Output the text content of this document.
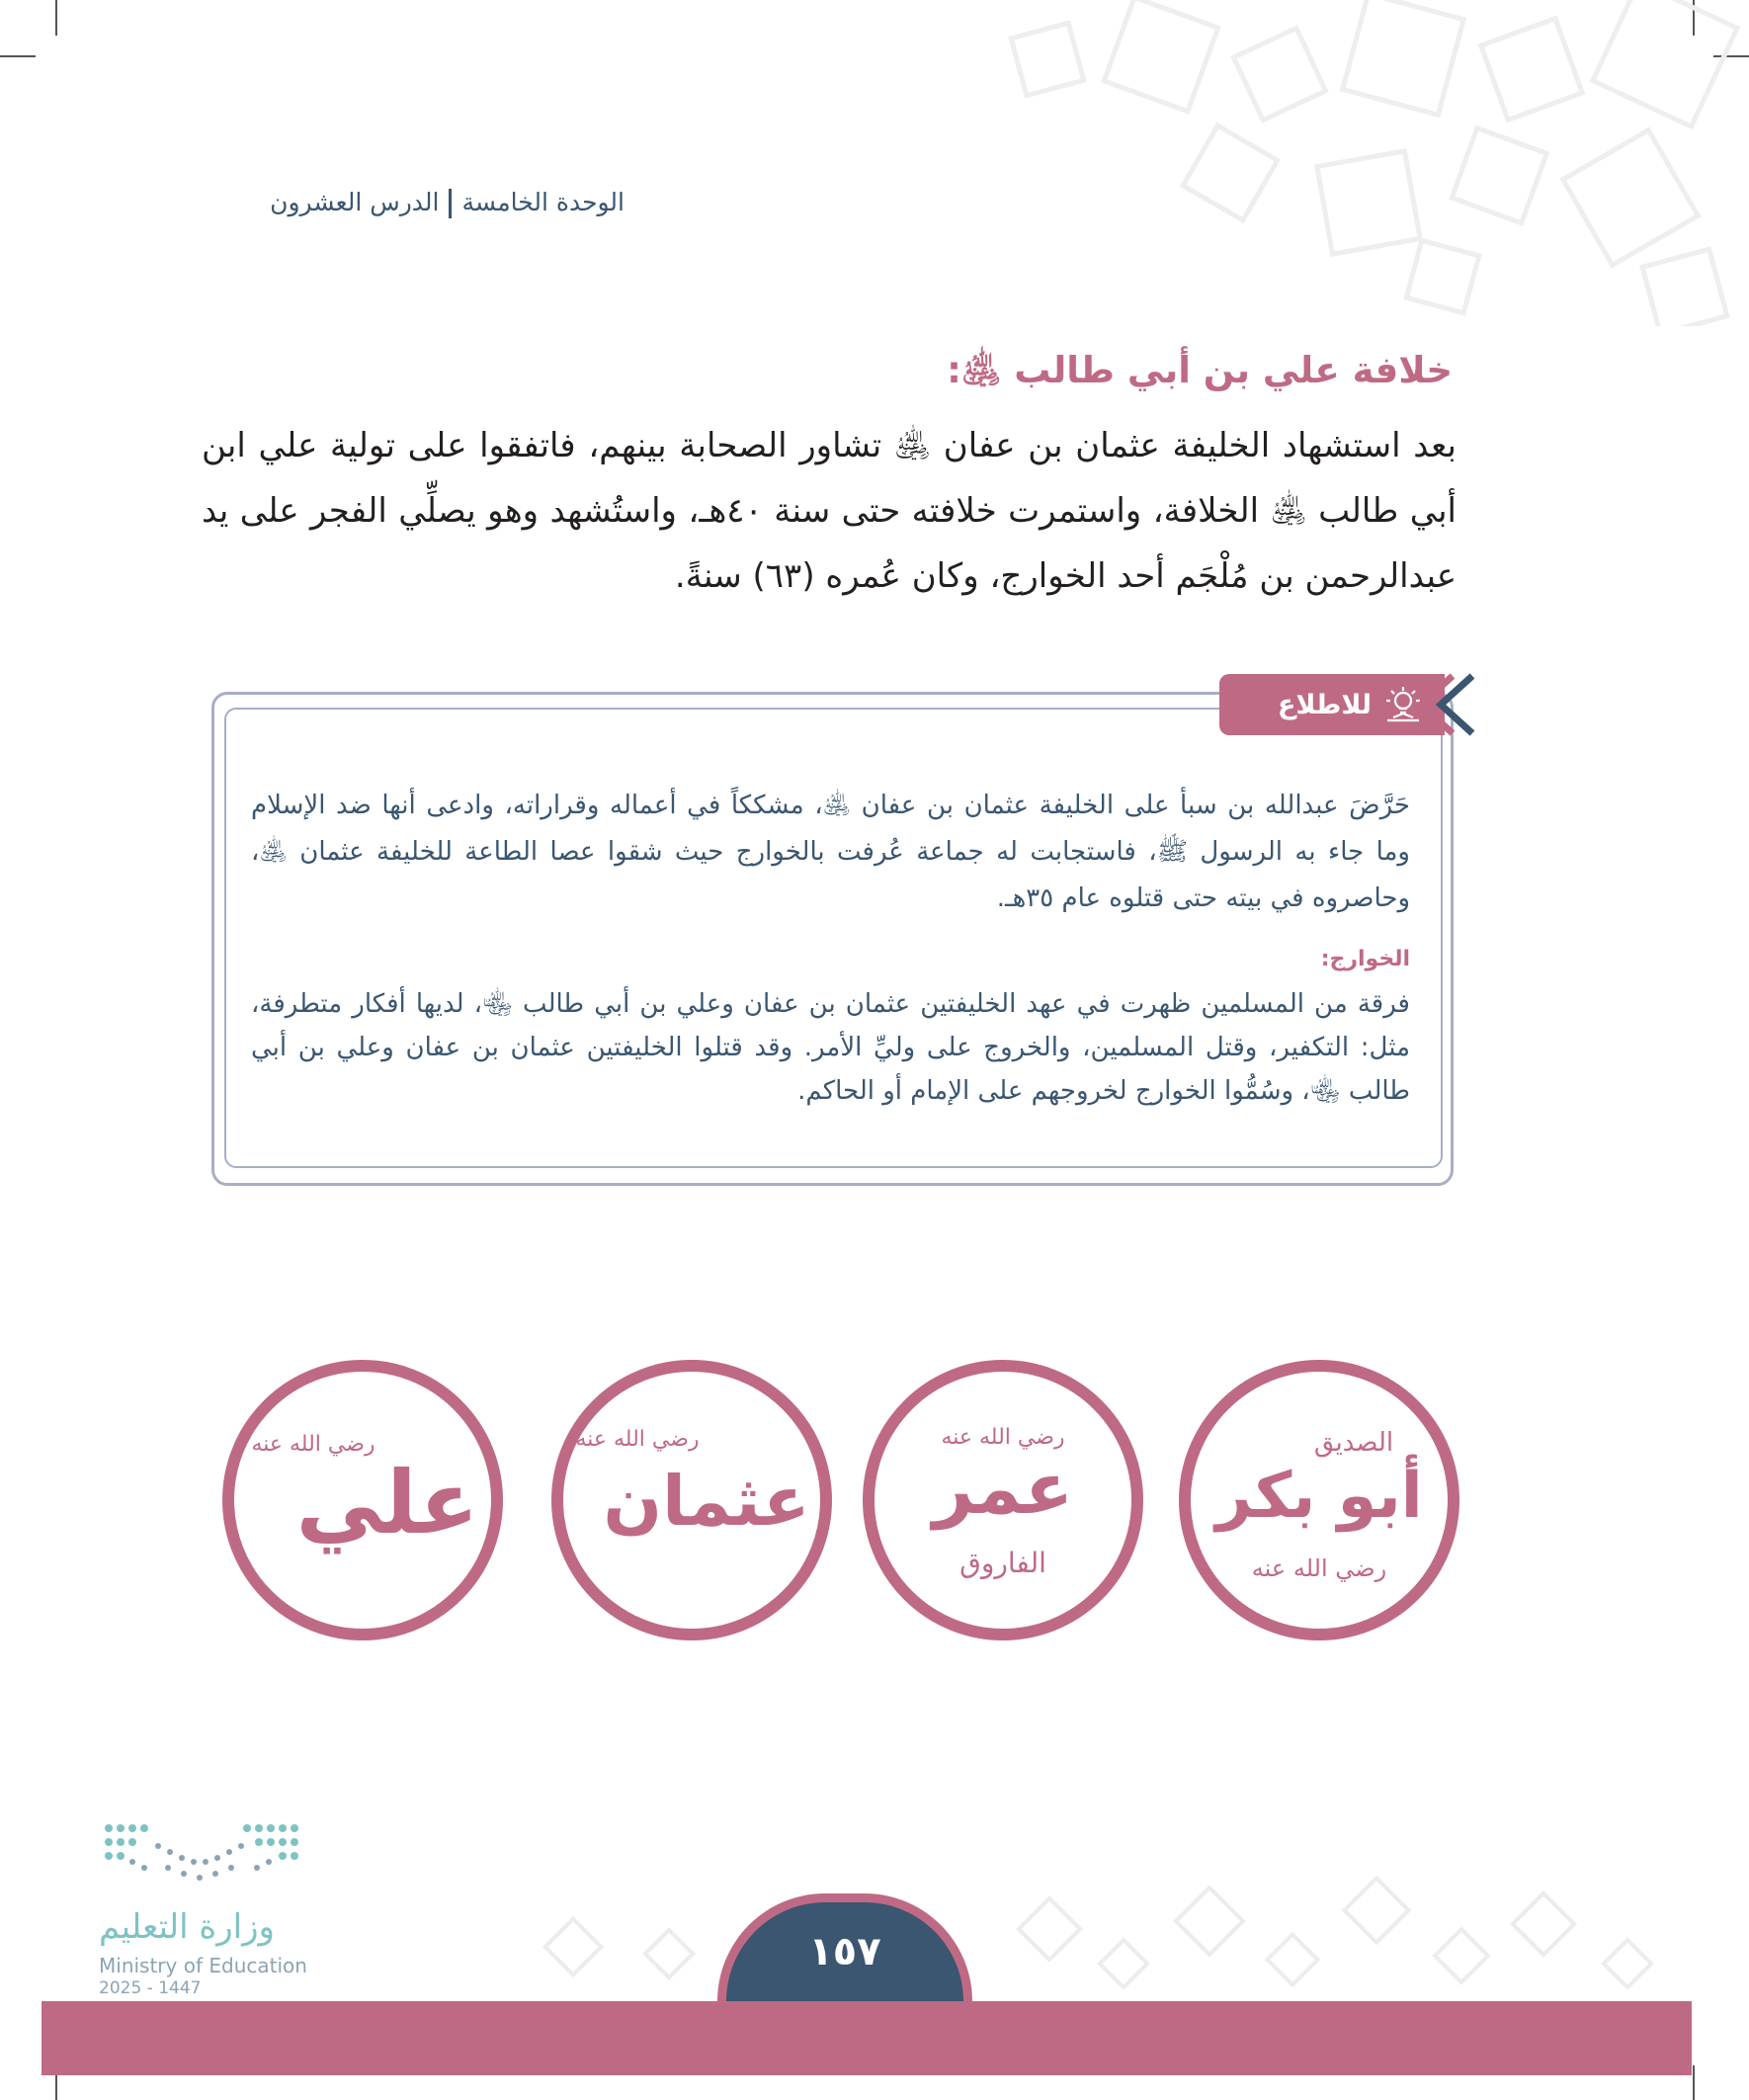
الوحدة الخامسةالدرس العشرون
خلافة علي بن أبي طالب ﵁:
بعد استشهاد الخليفة عثمان بن عفان ﵁ تشاور الصحابة بينهم، فاتفقوا على تولية علي ابن أبي طالب ﵁ الخلافة، واستمرت خلافته حتى سنة ٤٠هـ، واستُشهد وهو يصلِّي الفجر على يد عبدالرحمن بن مُلْجَم أحد الخوارج، وكان عُمره (٦٣) سنةً.
للاطلاع
حَرَّضَ عبدالله بن سبأ على الخليفة عثمان بن عفان ﵁، مشككاً في أعماله وقراراته، وادعى أنها ضد الإسلام وما جاء به الرسول ﷺ، فاستجابت له جماعة عُرفت بالخوارج حيث شقوا عصا الطاعة للخليفة عثمان ﵁، وحاصروه في بيته حتى قتلوه عام ٣٥هـ.
الخوارج:
فرقة من المسلمين ظهرت في عهد الخليفتين عثمان بن عفان وعلي بن أبي طالب ﵄، لديها أفكار متطرفة، مثل: التكفير، وقتل المسلمين، والخروج على وليِّ الأمر. وقد قتلوا الخليفتين عثمان بن عفان وعلي بن أبي طالب ﵄، وسُمُّوا الخوارج لخروجهم على الإمام أو الحاكم.
أبو بكر
الصديق
رضي الله عنه
عمر
الفاروق
رضي الله عنه
عثمان
رضي الله عنه
علي
رضي الله عنه
١٥٧
وزارة التعليم
Ministry of Education
2025 - 1447
